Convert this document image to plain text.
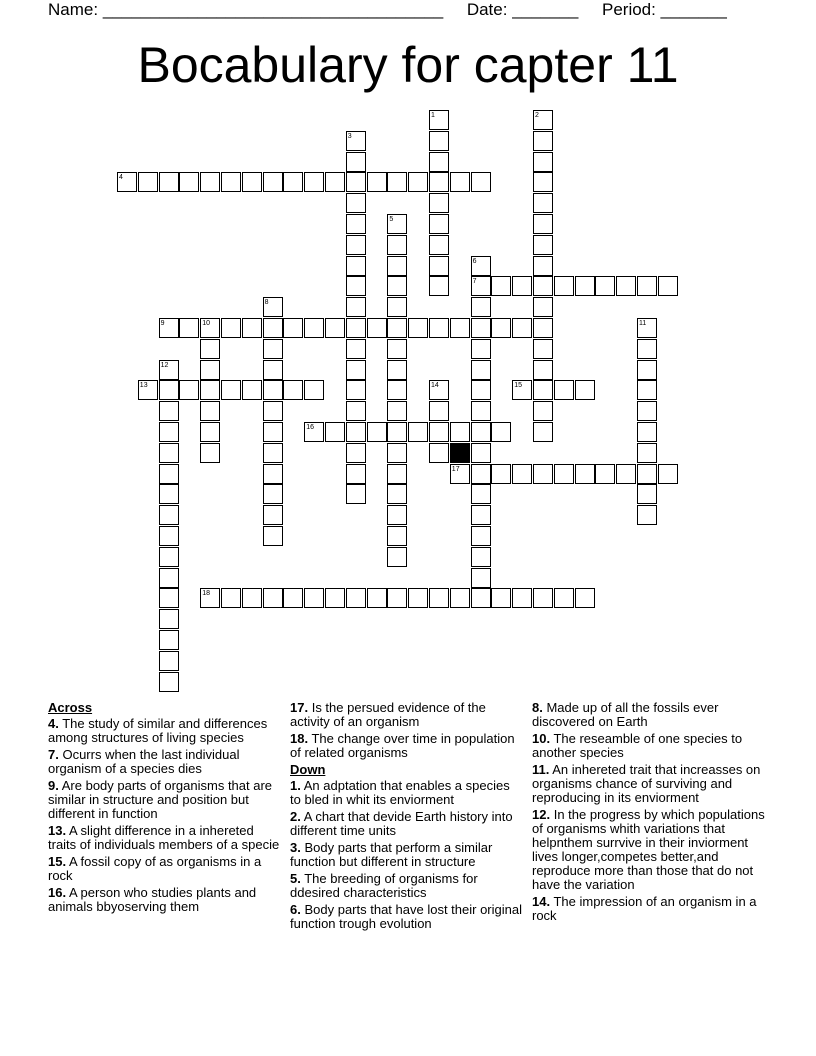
Name: ____________________________________ Date: _______ Period: _______
Bocabulary for capter 11
4
7
9
13	15
16
17
18
1	2
3
5
6
8
10	11
12
14
Across
4. The study of similar and differences among structures of living species
7. Ocurrs when the last individual organism of a species dies
9. Are body parts of organisms that are similar in structure and position but different in function
13. A slight difference in a inhereted traits of individuals members of a specie
15. A fossil copy of as organisms in a rock
16. A person who studies plants and animals bbyoserving them
17. Is the persued evidence of the activity of an organism
18. The change over time in population of related organisms
Down
1. An adptation that enables a species to bled in whit its enviorment
2. A chart that devide Earth history into different time units
3. Body parts that perform a similar function but different in structure
5. The breeding of organisms for ddesired characteristics
6. Body parts that have lost their original function trough evolution
8. Made up of all the fossils ever discovered on Earth
10. The reseamble of one species to another species
11. An inhereted trait that increasses on organisms chance of surviving and reproducing in its enviorment
12. In the progress by which populations of organisms whith variations that helpnthem surrvive in their inviorment lives longer,competes better,and reproduce more than those that do not have the variation
14. The impression of an organism in a rock
